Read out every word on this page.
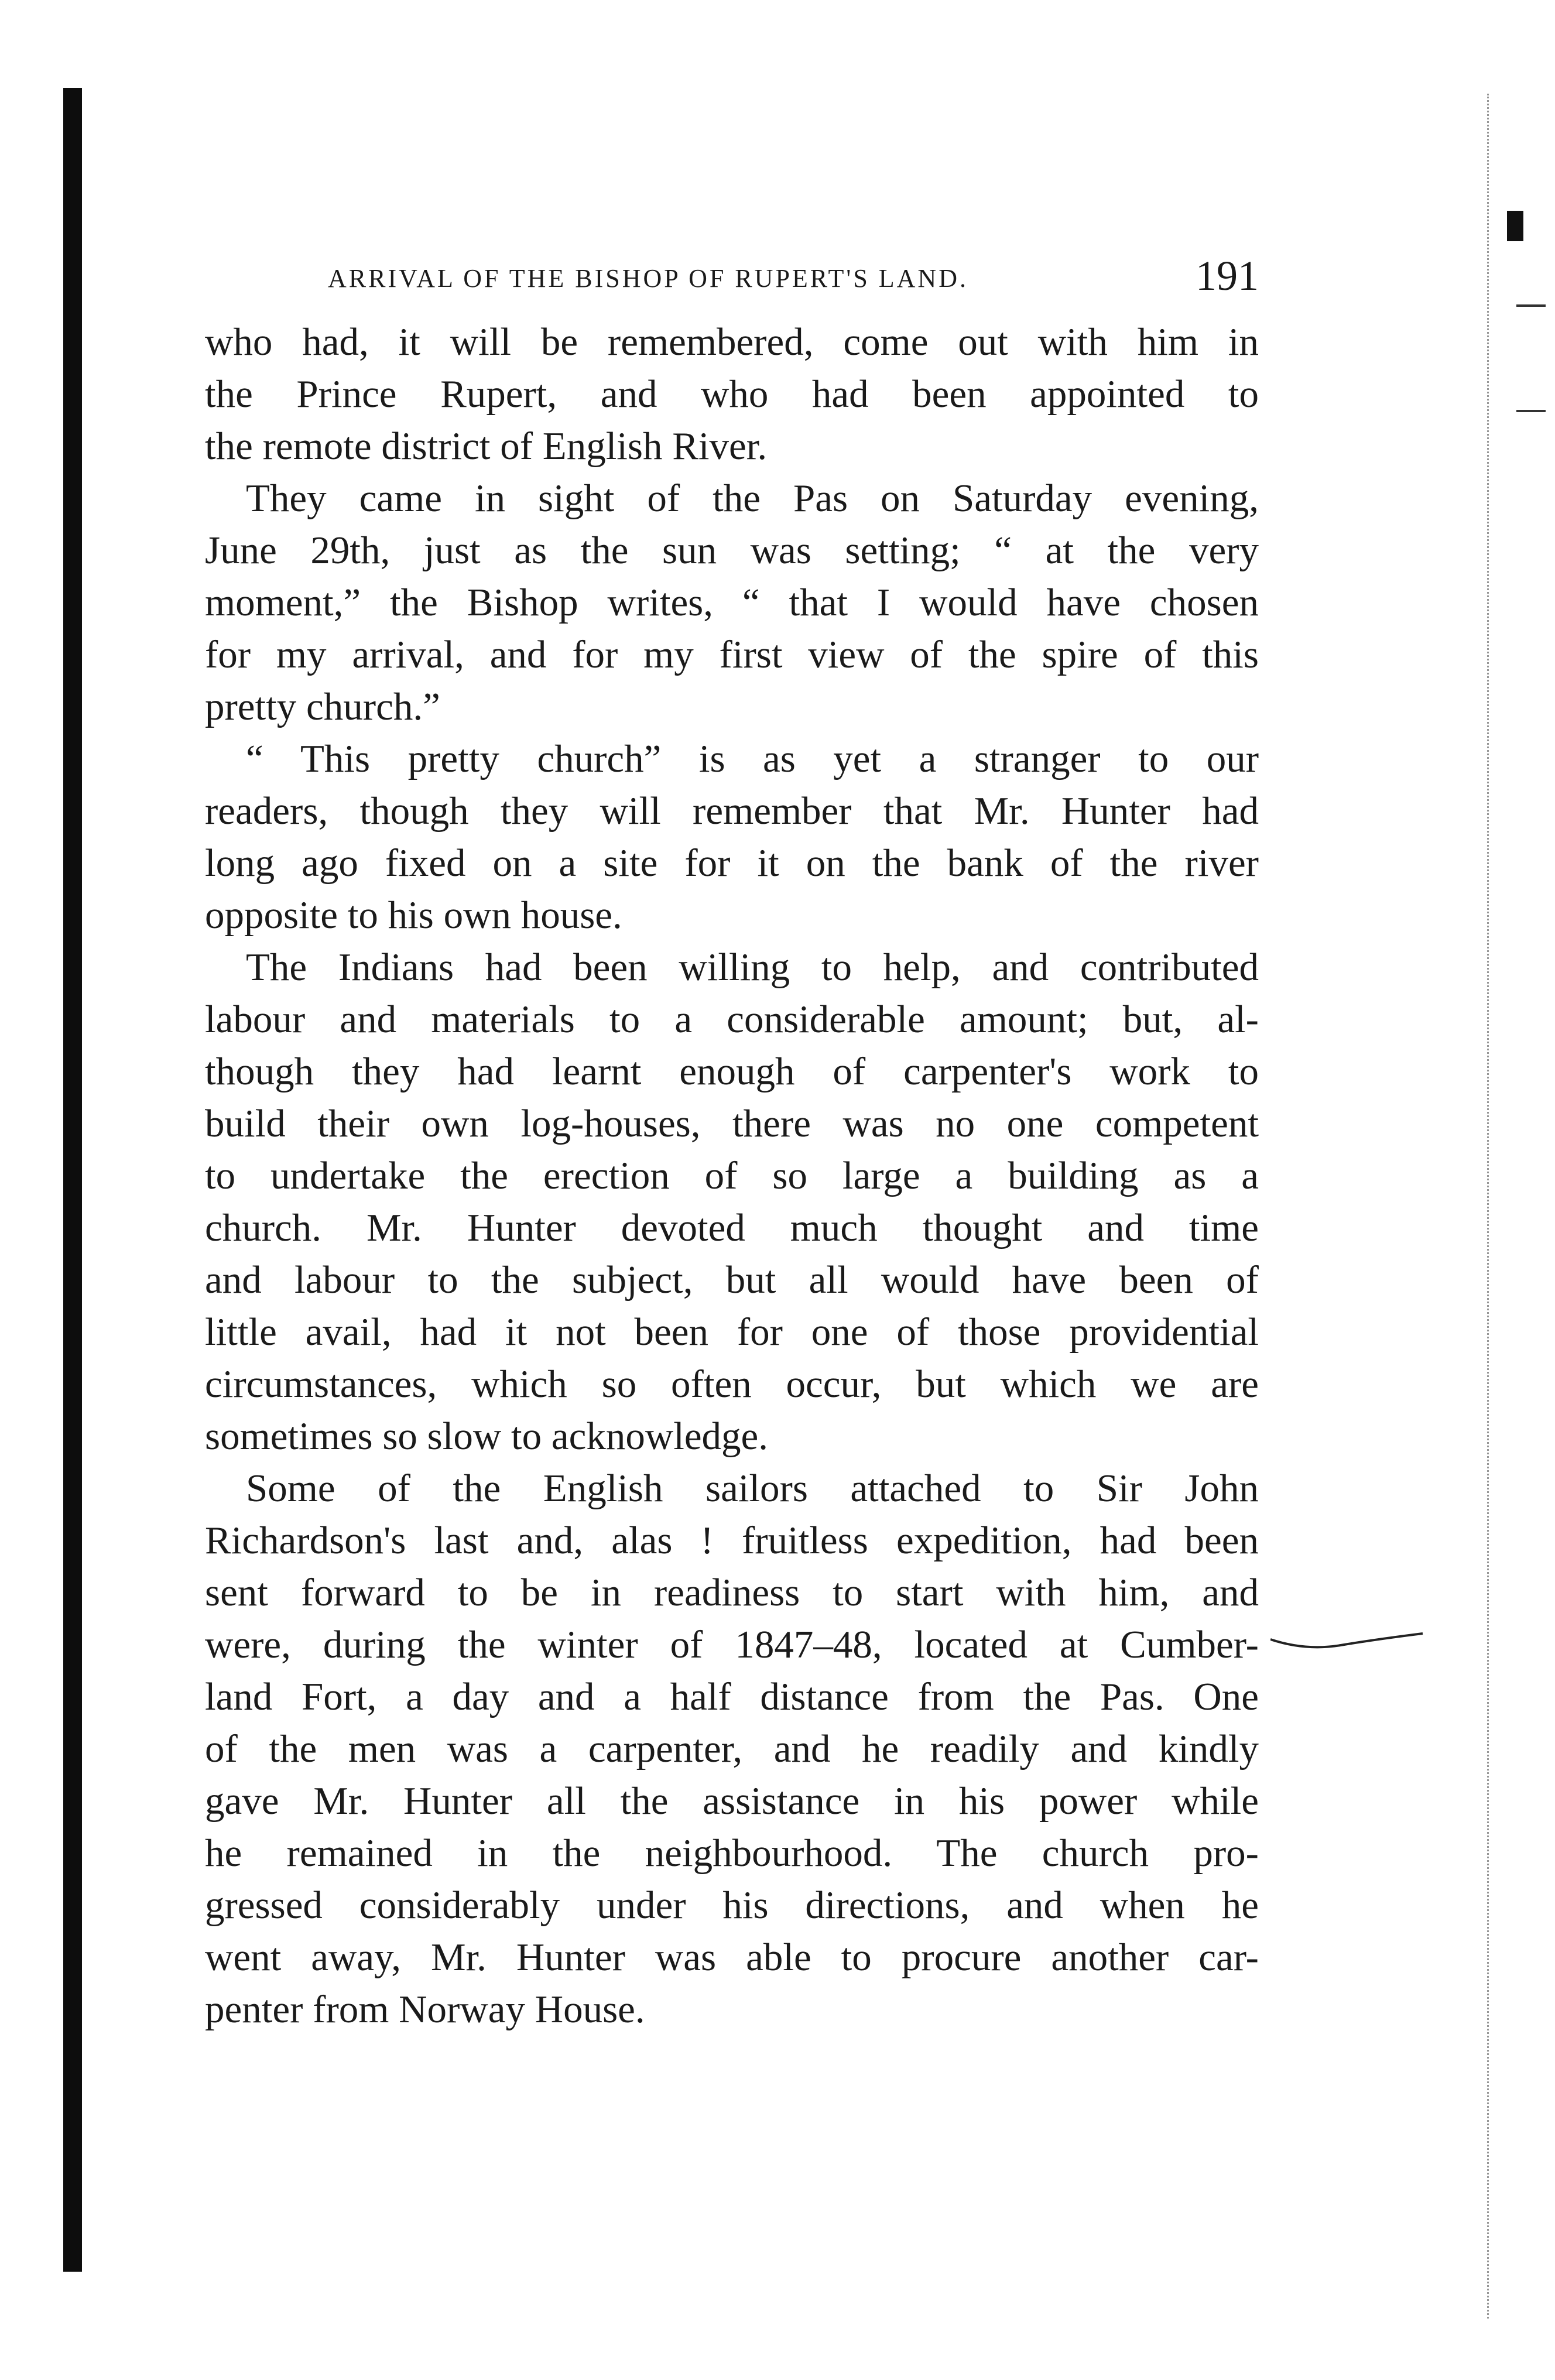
ARRIVAL OF THE BISHOP OF RUPERT'S LAND.	191
who had, it will be remembered, come out with him in
the Prince Rupert, and who had been appointed to
the remote district of English River.
They came in sight of the Pas on Saturday evening,
June 29th, just as the sun was setting; “ at the very
moment,” the Bishop writes, “ that I would have chosen
for my arrival, and for my first view of the spire of this
pretty church.”
“ This pretty church” is as yet a stranger to our
readers, though they will remember that Mr. Hunter had
long ago fixed on a site for it on the bank of the river
opposite to his own house.
The Indians had been willing to help, and contributed
labour and materials to a considerable amount; but, al-
though they had learnt enough of carpenter's work to
build their own log-houses, there was no one competent
to undertake the erection of so large a building as a
church. Mr. Hunter devoted much thought and time
and labour to the subject, but all would have been of
little avail, had it not been for one of those providential
circumstances, which so often occur, but which we are
sometimes so slow to acknowledge.
Some of the English sailors attached to Sir John
Richardson's last and, alas ! fruitless expedition, had been
sent forward to be in readiness to start with him, and
were, during the winter of 1847–48, located at Cumber-
land Fort, a day and a half distance from the Pas. One
of the men was a carpenter, and he readily and kindly
gave Mr. Hunter all the assistance in his power while
he remained in the neighbourhood. The church pro-
gressed considerably under his directions, and when he
went away, Mr. Hunter was able to procure another car-
penter from Norway House.
